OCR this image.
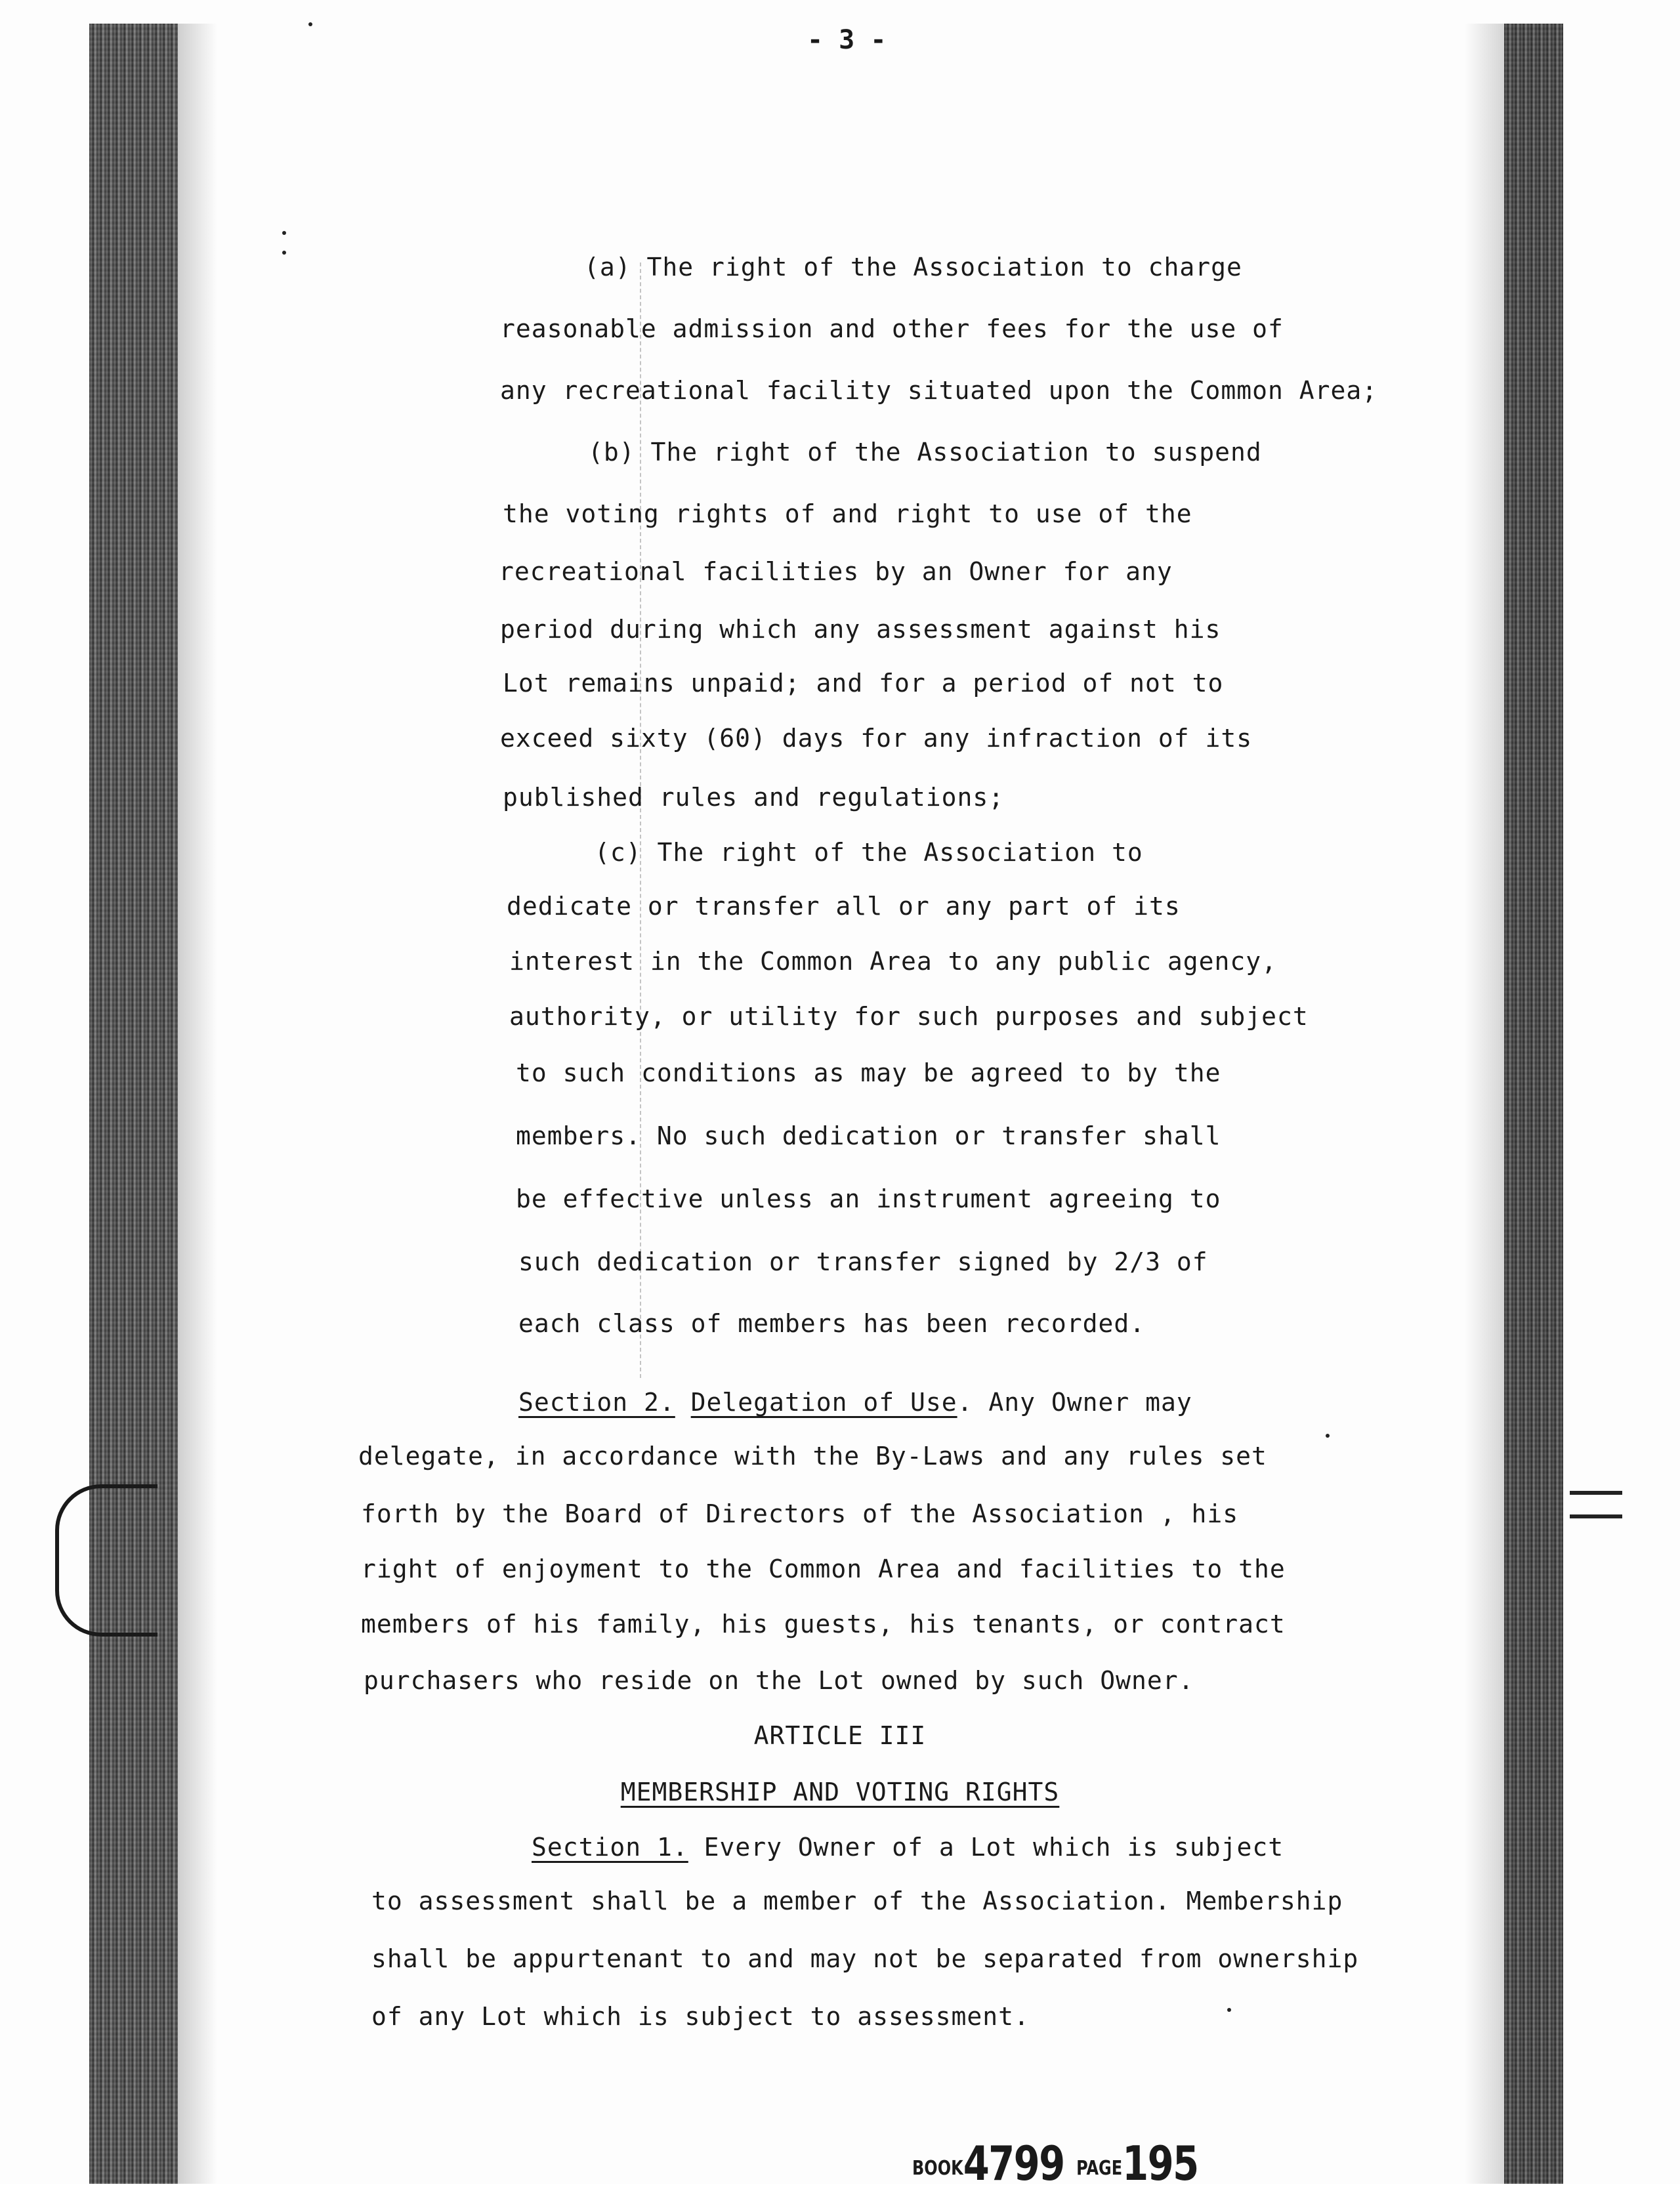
- 3 -
(a) The right of the Association to charge
reasonable admission and other fees for the use of
any recreational facility situated upon the Common Area;
(b) The right of the Association to suspend
the voting rights of and right to use of the
recreational facilities by an Owner for any
period during which any assessment against his
Lot remains unpaid; and for a period of not to
exceed sixty (60) days for any infraction of its
published rules and regulations;
(c) The right of the Association to
dedicate or transfer all or any part of its
interest in the Common Area to any public agency,
authority, or utility for such purposes and subject
to such conditions as may be agreed to by the
members. No such dedication or transfer shall
be effective unless an instrument agreeing to
such dedication or transfer signed by 2/3 of
each class of members has been recorded.
Section 2. Delegation of Use. Any Owner may
delegate, in accordance with the By-Laws and any rules set
forth by the Board of Directors of the Association , his
right of enjoyment to the Common Area and facilities to the
members of his family, his guests, his tenants, or contract
purchasers who reside on the Lot owned by such Owner.
ARTICLE III
MEMBERSHIP AND VOTING RIGHTS
Section 1. Every Owner of a Lot which is subject
to assessment shall be a member of the Association. Membership
shall be appurtenant to and may not be separated from ownership
of any Lot which is subject to assessment.
BOOK4799 PAGE195
